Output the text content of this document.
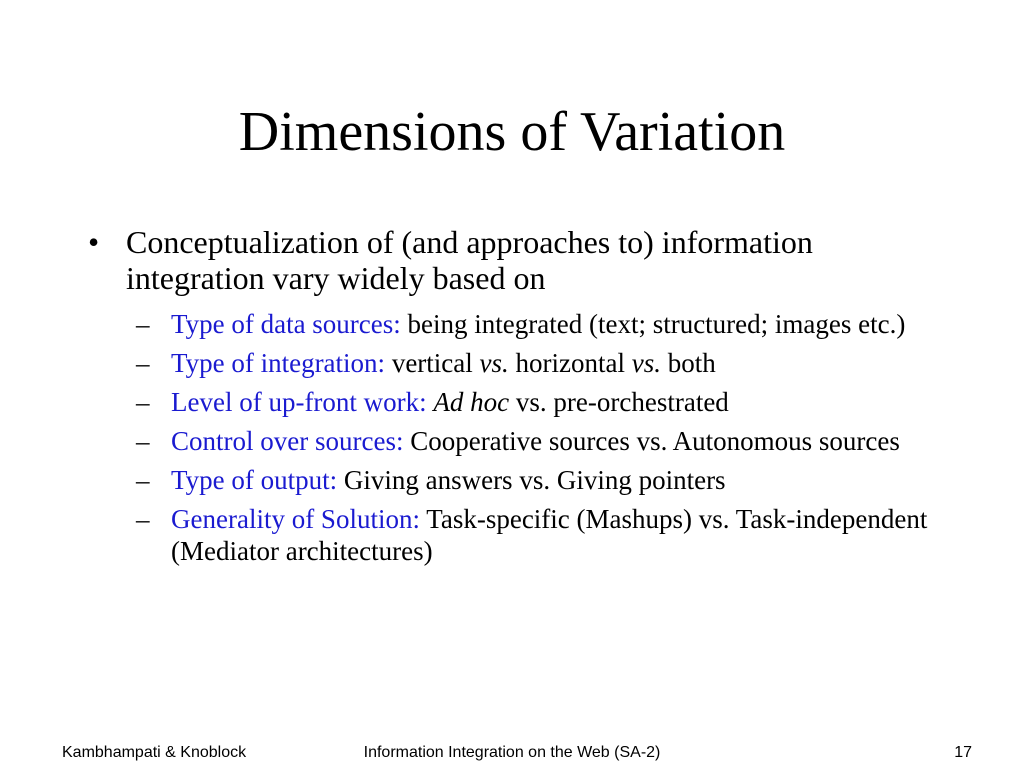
Dimensions of Variation
• Conceptualization of (and approaches to) information integration vary widely based on
– Type of data sources: being integrated (text; structured; images etc.)
– Type of integration: vertical vs. horizontal vs. both
– Level of up-front work: Ad hoc vs. pre-orchestrated
– Control over sources: Cooperative sources vs. Autonomous sources
– Type of output: Giving answers vs. Giving pointers
– Generality of Solution: Task-specific (Mashups) vs. Task-independent (Mediator architectures)
Kambhampati & Knoblock	Information Integration on the Web (SA-2)	17
